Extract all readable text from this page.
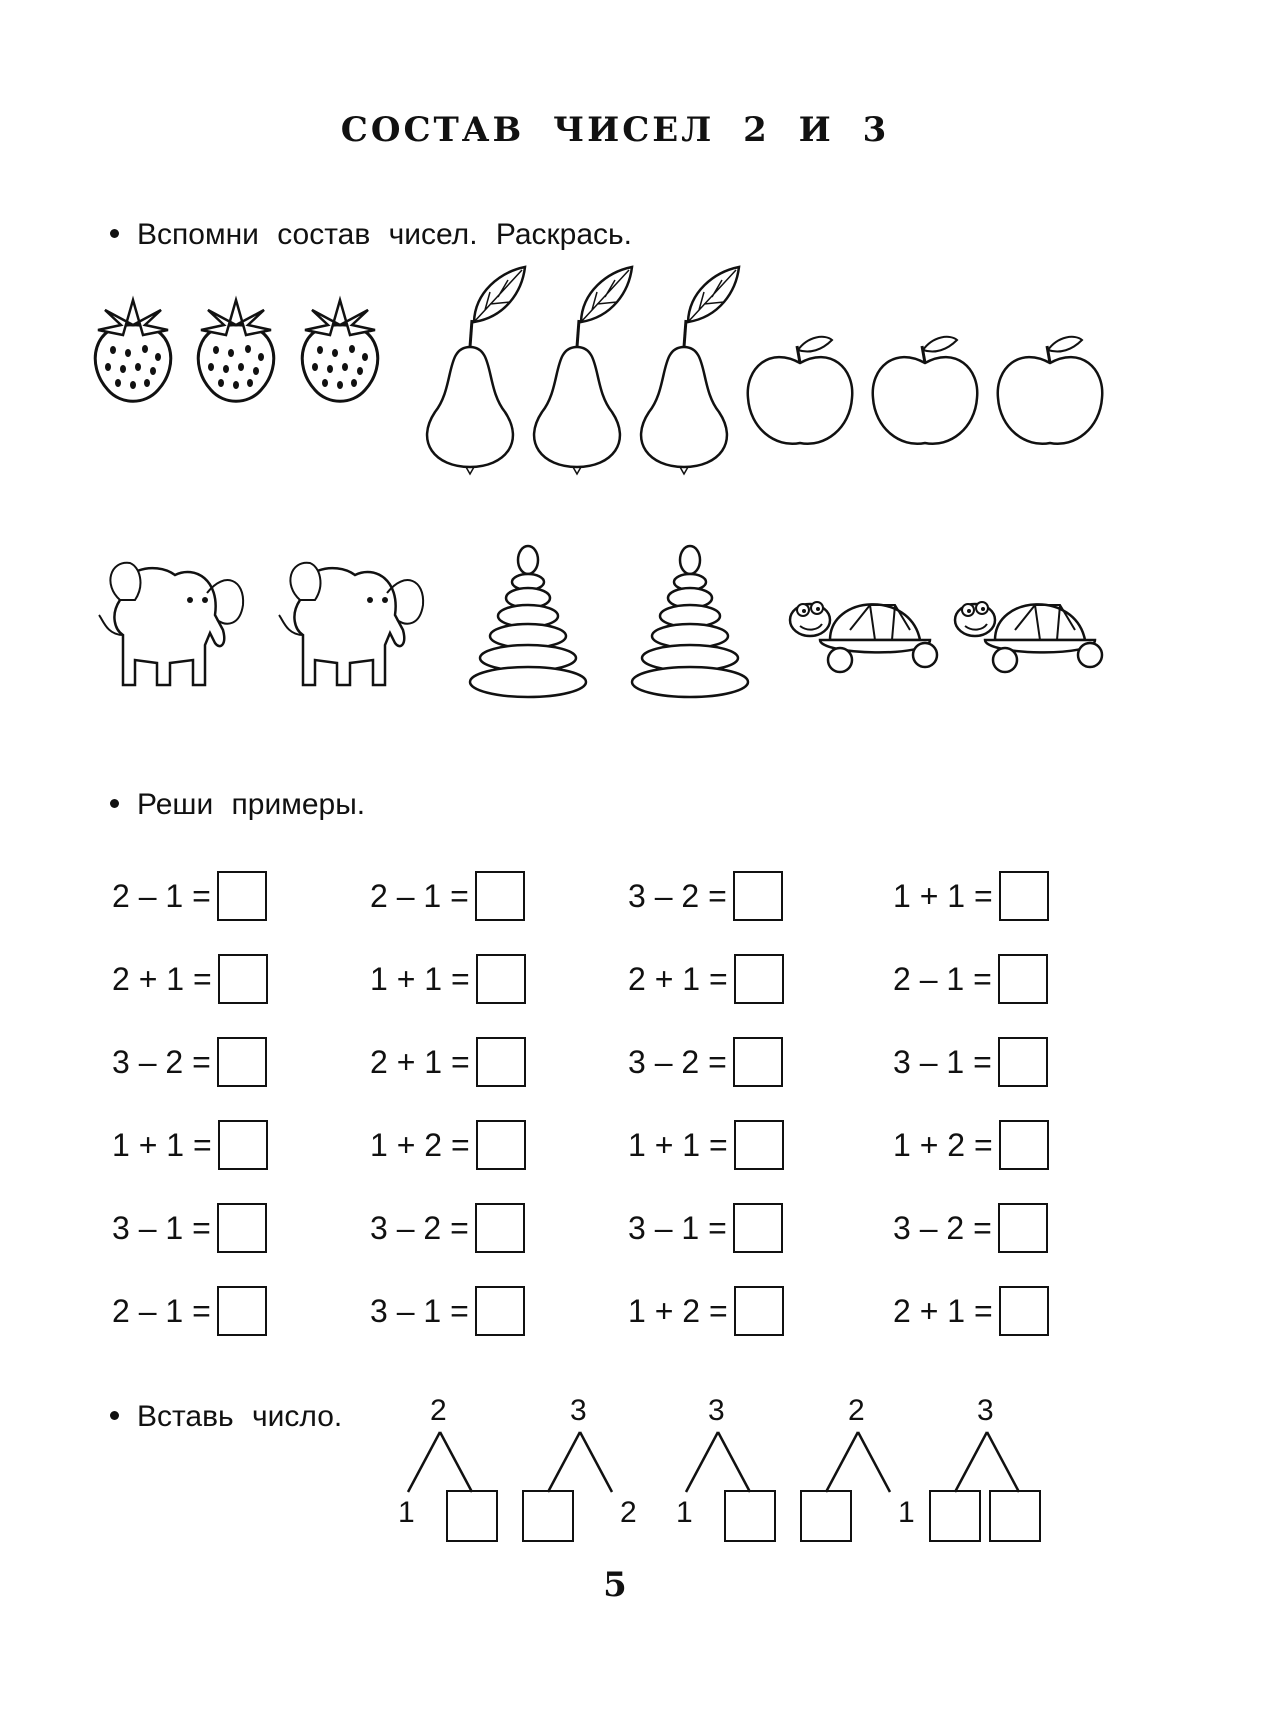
СОСТАВ ЧИСЕЛ 2 И 3
Вспомни состав чисел. Раскрась.
Реши примеры.
2 – 1 =	2 – 1 =	3 – 2 =	1 + 1 =
2 + 1 =	1 + 1 =	2 + 1 =	2 – 1 =
3 – 2 =	2 + 1 =	3 – 2 =	3 – 1 =
1 + 1 =	1 + 2 =	1 + 1 =	1 + 2 =
3 – 1 =	3 – 2 =	3 – 1 =	3 – 2 =
2 – 1 =	3 – 1 =	1 + 2 =	2 + 1 =
Вставь число.	2
1
3
2
3
1
2
1
3
5
